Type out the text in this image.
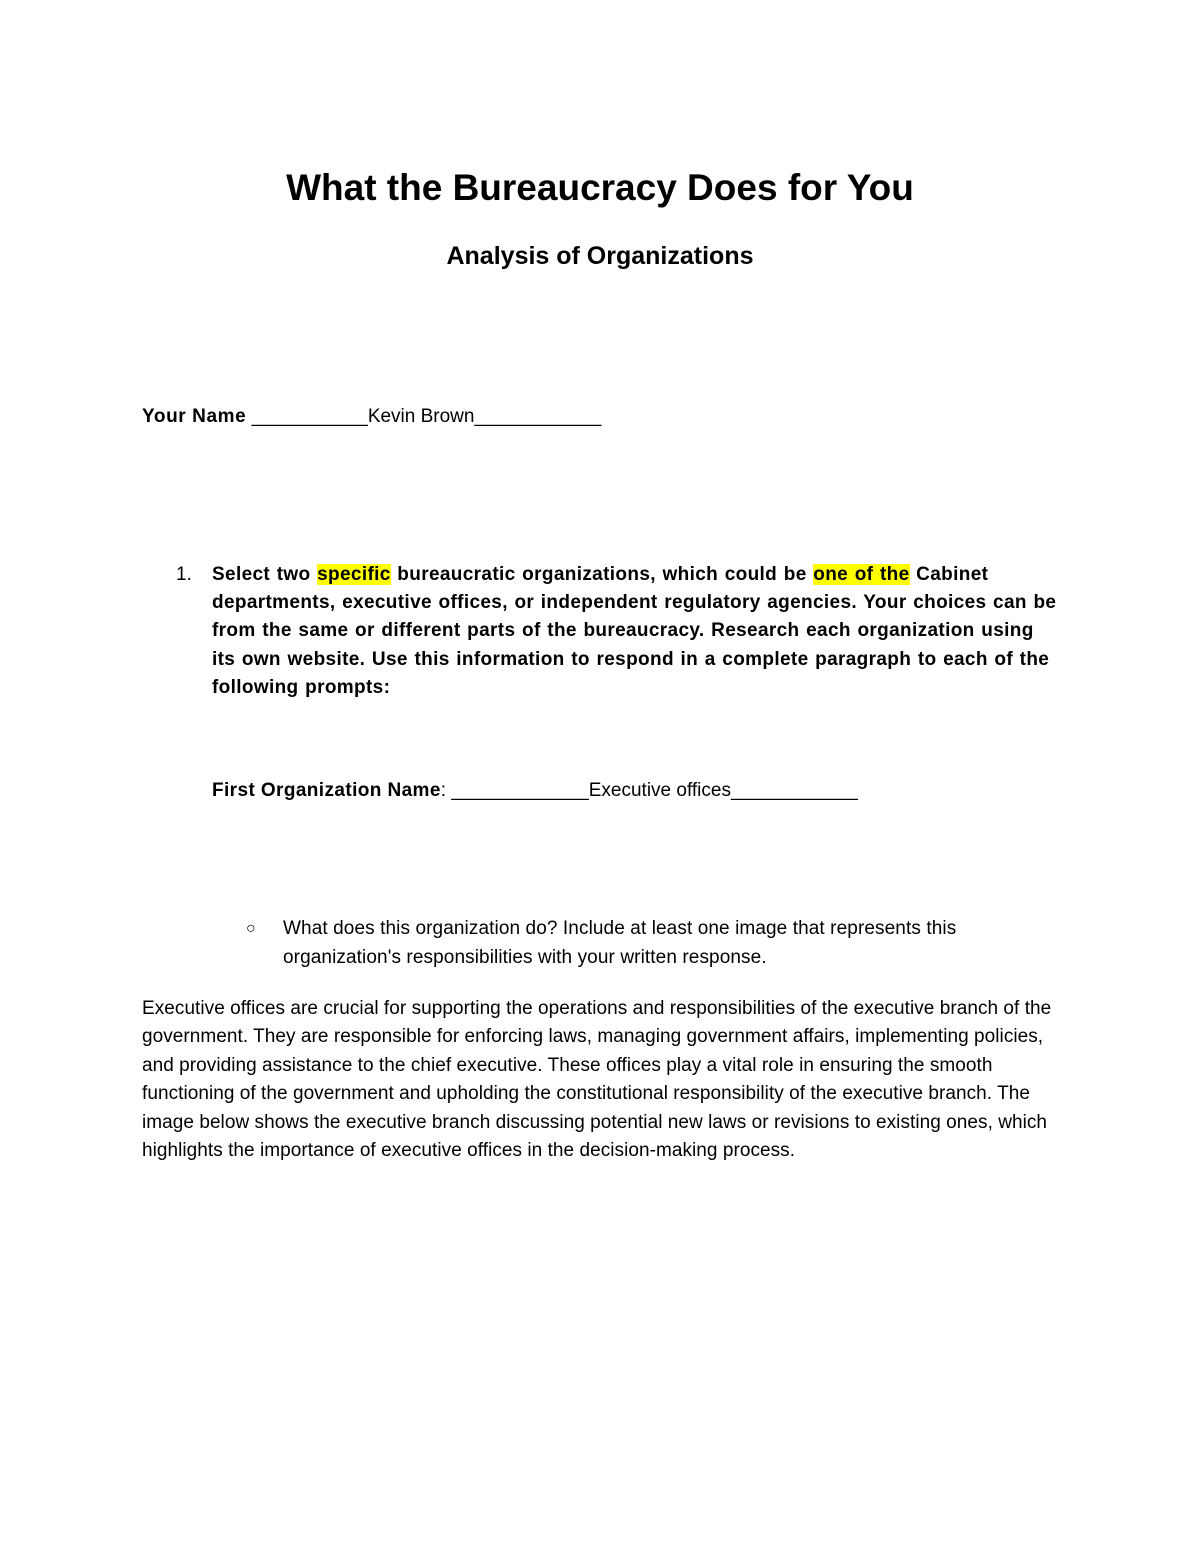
What the Bureaucracy Does for You
Analysis of Organizations
Your Name ___________Kevin Brown____________
1. Select two specific bureaucratic organizations, which could be one of the Cabinet departments, executive offices, or independent regulatory agencies. Your choices can be from the same or different parts of the bureaucracy. Research each organization using its own website. Use this information to respond in a complete paragraph to each of the following prompts:
First Organization Name: _____________Executive offices____________
○ What does this organization do? Include at least one image that represents this organization's responsibilities with your written response.
Executive offices are crucial for supporting the operations and responsibilities of the executive branch of the government. They are responsible for enforcing laws, managing government affairs, implementing policies, and providing assistance to the chief executive. These offices play a vital role in ensuring the smooth functioning of the government and upholding the constitutional responsibility of the executive branch. The image below shows the executive branch discussing potential new laws or revisions to existing ones, which highlights the importance of executive offices in the decision-making process.
